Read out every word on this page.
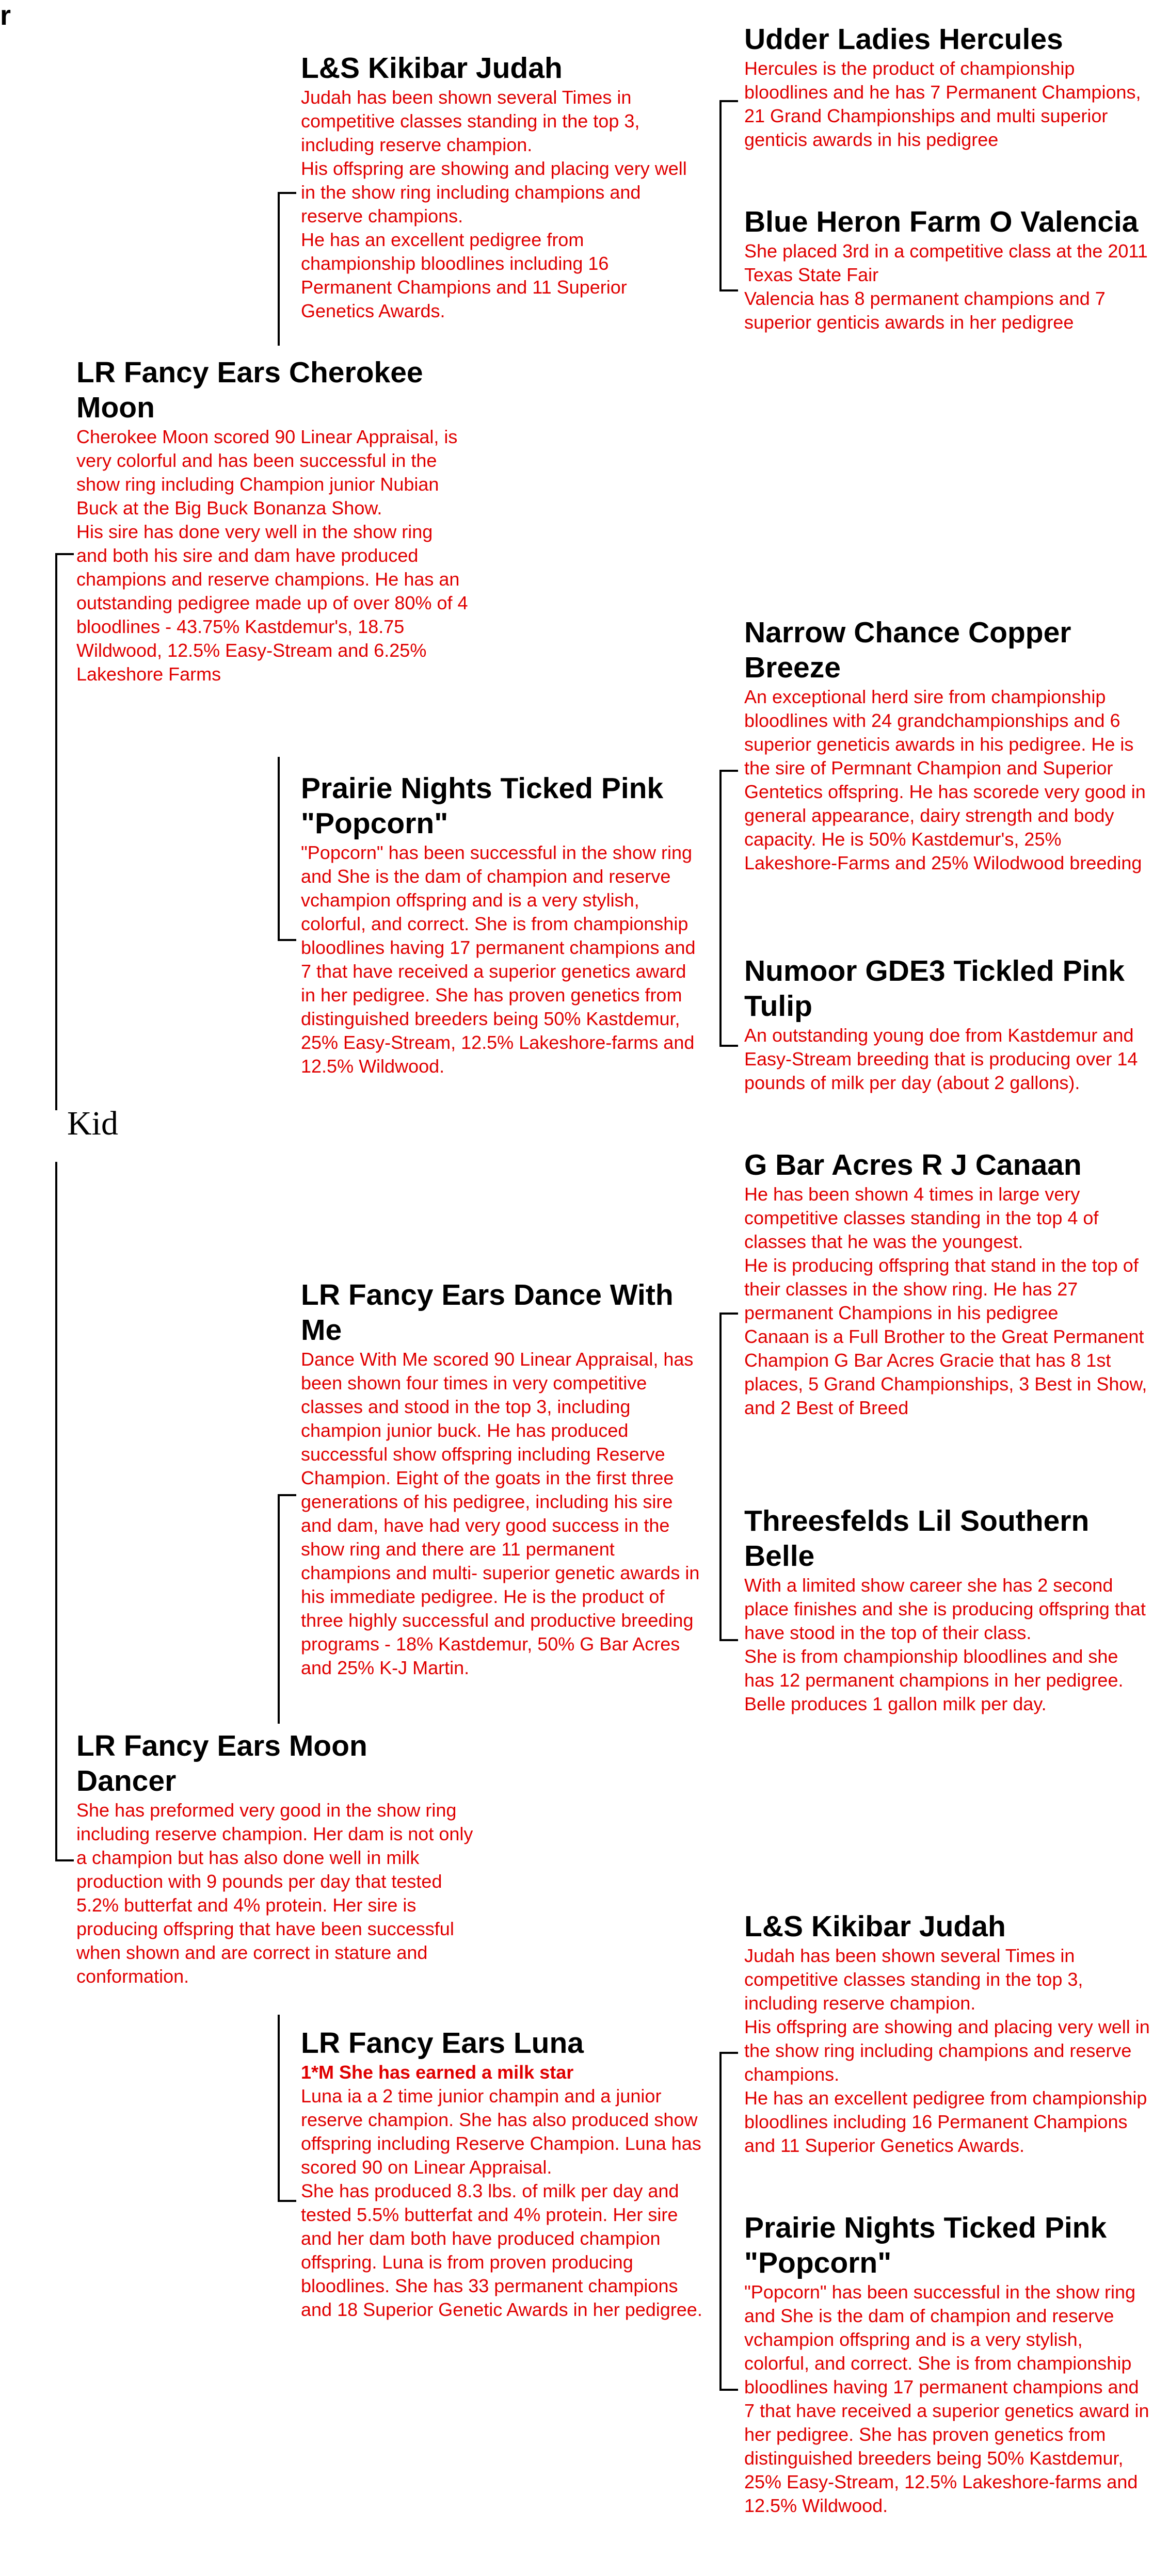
r
Kid

LR Fancy Ears Cherokee Moon

Cherokee Moon scored 90 Linear Appraisal, is very colorful and has been successful in the show ring including Champion junior Nubian Buck at the Big Buck Bonanza Show.

His sire has done very well in the show ring and both his sire and dam have produced champions and reserve champions. He has an outstanding pedigree made up of over 80% of 4 bloodlines - 43.75% Kastdemur's, 18.75 Wildwood, 12.5% Easy-Stream and 6.25% Lakeshore Farms

LR Fancy Ears Moon Dancer

She has preformed very good in the show ring including reserve champion. Her dam is not only a champion but has also done well in milk production with 9 pounds per day that tested 5.2% butterfat and 4% protein. Her sire is producing offspring that have been successful when shown and are correct in stature and conformation.

L&S Kikibar Judah

Judah has been shown several Times in competitive classes standing in the top 3, including reserve champion.

His offspring are showing and placing very well in the show ring including champions and reserve champions.

He has an excellent pedigree from championship bloodlines including 16 Permanent Champions and 11 Superior Genetics Awards.

Prairie Nights Ticked Pink "Popcorn"

"Popcorn" has been successful in the show ring and She is the dam of champion and reserve vchampion offspring and is a very stylish, colorful, and correct. She is from championship bloodlines having 17 permanent champions and 7 that have received a superior genetics award in her pedigree. She has proven genetics from distinguished breeders being 50% Kastdemur, 25% Easy-Stream, 12.5% Lakeshore-farms and 12.5% Wildwood.

LR Fancy Ears Dance With Me

Dance With Me scored 90 Linear Appraisal, has been shown four times in very competitive classes and stood in the top 3, including champion junior buck. He has produced successful show offspring including Reserve Champion. Eight of the goats in the first three generations of his pedigree, including his sire and dam, have had very good success in the show ring and there are 11 permanent champions and multi- superior genetic awards in his immediate pedigree. He is the product of three highly successful and productive breeding programs - 18% Kastdemur, 50% G Bar Acres and 25% K-J Martin.

LR Fancy Ears Luna

1*M She has earned a milk star

Luna ia a 2 time junior champin and a junior reserve champion. She has also produced show offspring including Reserve Champion. Luna has scored 90 on Linear Appraisal.

She has produced 8.3 lbs. of milk per day and tested 5.5% butterfat and 4% protein. Her sire and her dam both have produced champion offspring. Luna is from proven producing bloodlines. She has 33 permanent champions and 18 Superior Genetic Awards in her pedigree.

Udder Ladies Hercules

Hercules is the product of championship bloodlines and he has 7 Permanent Champions, 21 Grand Championships and multi superior genticis awards in his pedigree

Blue Heron Farm O Valencia

She placed 3rd in a competitive class at the 2011 Texas State Fair

Valencia has 8 permanent champions and 7 superior genticis awards in her pedigree

Narrow Chance Copper Breeze

An exceptional herd sire from championship bloodlines with 24 grandchampionships and 6 superior geneticis awards in his pedigree. He is the sire of Permnant Champion and Superior Gentetics offspring. He has scorede very good in general appearance, dairy strength and body capacity. He is 50% Kastdemur's, 25% Lakeshore-Farms and 25% Wilodwood breeding

Numoor GDE3 Tickled Pink Tulip

An outstanding young doe from Kastdemur and Easy-Stream breeding that is producing over 14 pounds of milk per day (about 2 gallons).

G Bar Acres R J Canaan

He has been shown 4 times in large very competitive classes standing in the top 4 of classes that he was the youngest.

He is producing offspring that stand in the top of their classes in the show ring. He has 27 permanent Champions in his pedigree

Canaan is a Full Brother to the Great Permanent Champion G Bar Acres Gracie that has 8 1st places, 5 Grand Championships, 3 Best in Show, and 2 Best of Breed

Threesfelds Lil Southern Belle

With a limited show career she has 2 second place finishes and she is producing offspring that have stood in the top of their class.

She is from championship bloodlines and she has 12 permanent champions in her pedigree. Belle produces 1 gallon milk per day.

L&S Kikibar Judah

Judah has been shown several Times in competitive classes standing in the top 3, including reserve champion.

His offspring are showing and placing very well in the show ring including champions and reserve champions.

He has an excellent pedigree from championship bloodlines including 16 Permanent Champions and 11 Superior Genetics Awards.

Prairie Nights Ticked Pink "Popcorn"

"Popcorn" has been successful in the show ring and She is the dam of champion and reserve vchampion offspring and is a very stylish, colorful, and correct. She is from championship bloodlines having 17 permanent champions and 7 that have received a superior genetics award in her pedigree. She has proven genetics from distinguished breeders being 50% Kastdemur, 25% Easy-Stream, 12.5% Lakeshore-farms and 12.5% Wildwood.
